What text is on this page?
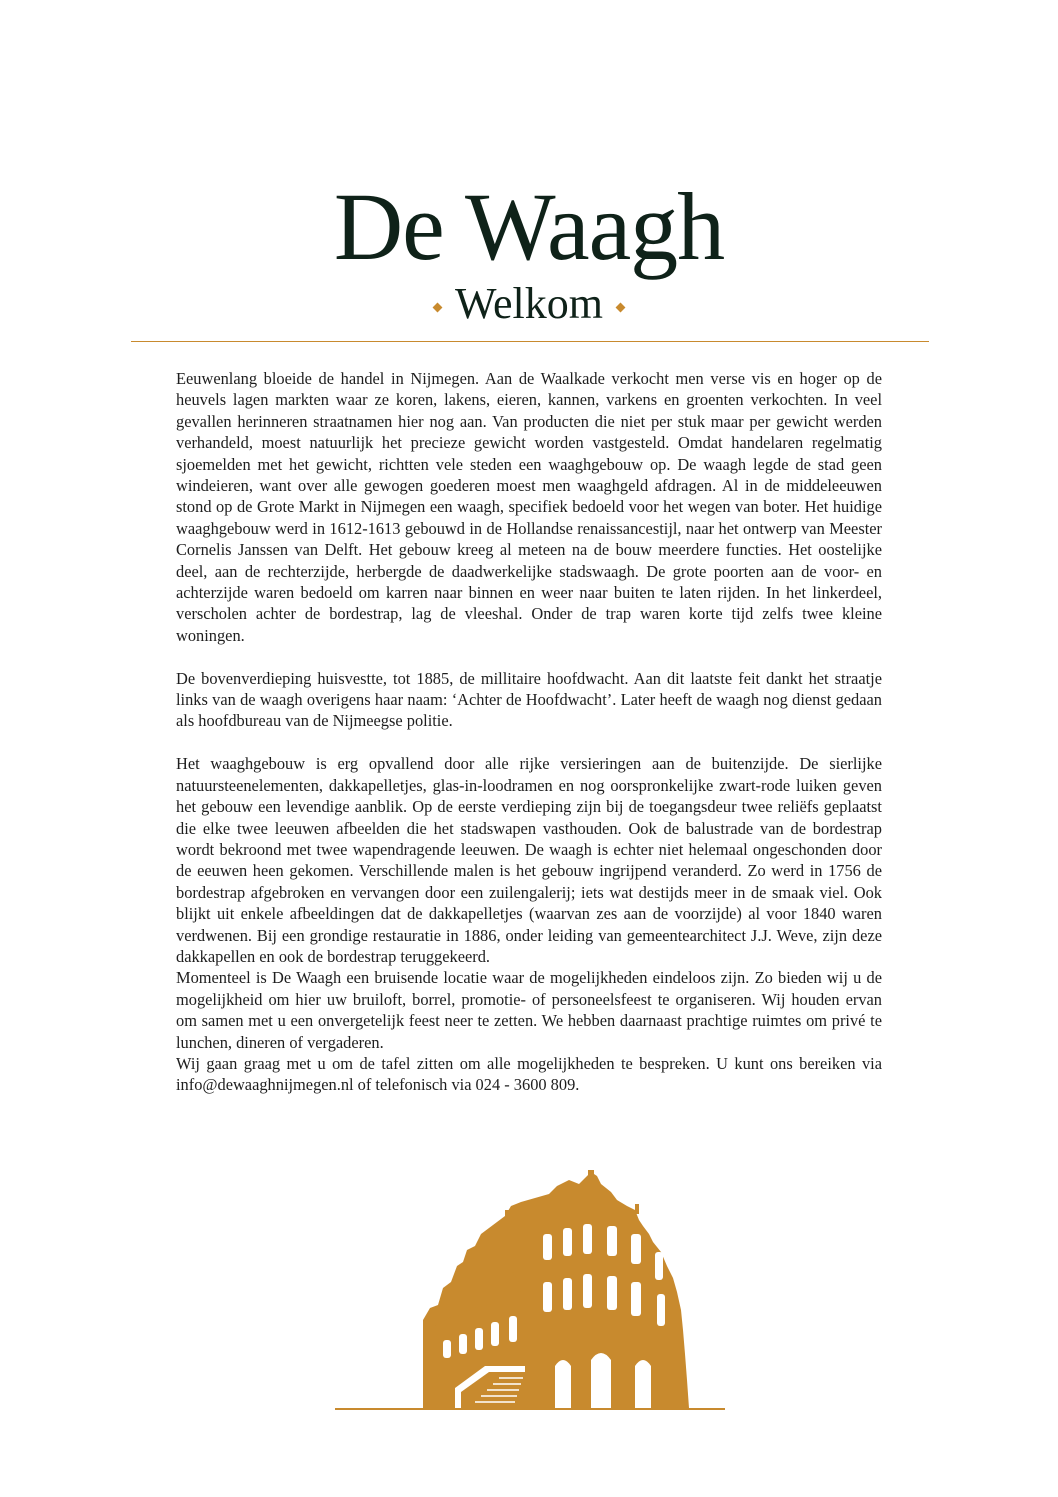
De Waagh
Welkom

Eeuwenlang bloeide de handel in Nijmegen. Aan de Waalkade verkocht men verse vis en hoger op de heuvels lagen markten waar ze koren, lakens, eieren, kannen, varkens en groenten verkochten. In veel gevallen herinneren straatnamen hier nog aan. Van producten die niet per stuk maar per gewicht werden verhandeld, moest natuurlijk het precieze gewicht worden vastgesteld. Omdat handelaren regelmatig sjoemelden met het gewicht, richtten vele steden een waaghgebouw op. De waagh legde de stad geen windeieren, want over alle gewogen goederen moest men waaghgeld afdragen. Al in de middeleeuwen stond op de Grote Markt in Nijmegen een waagh, specifiek bedoeld voor het wegen van boter. Het huidige waaghgebouw werd in 1612-1613 gebouwd in de Hollandse renaissancestijl, naar het ontwerp van Meester Cornelis Janssen van Delft. Het gebouw kreeg al meteen na de bouw meerdere functies. Het oostelijke deel, aan de rechterzijde, herbergde de daadwerkelijke stadswaagh. De grote poorten aan de voor- en achterzijde waren bedoeld om karren naar binnen en weer naar buiten te laten rijden. In het linkerdeel, verscholen achter de bordestrap, lag de vleeshal. Onder de trap waren korte tijd zelfs twee kleine woningen.

De bovenverdieping huisvestte, tot 1885, de millitaire hoofdwacht. Aan dit laatste feit dankt het straatje links van de waagh overigens haar naam: ‘Achter de Hoofdwacht’. Later heeft de waagh nog dienst gedaan als hoofdbureau van de Nijmeegse politie.

Het waaghgebouw is erg opvallend door alle rijke versieringen aan de buitenzijde. De sierlijke natuursteenelementen, dakkapelletjes, glas-in-loodramen en nog oorspronkelijke zwart-rode luiken geven het gebouw een levendige aanblik. Op de eerste verdieping zijn bij de toegangsdeur twee reliëfs geplaatst die elke twee leeuwen afbeelden die het stadswapen vasthouden. Ook de balustrade van de bordestrap wordt bekroond met twee wapendragende leeuwen. De waagh is echter niet helemaal ongeschonden door de eeuwen heen gekomen. Verschillende malen is het gebouw ingrijpend veranderd. Zo werd in 1756 de bordestrap afgebroken en vervangen door een zuilengalerij; iets wat destijds meer in de smaak viel. Ook blijkt uit enkele afbeeldingen dat de dakkapelletjes (waarvan zes aan de voorzijde) al voor 1840 waren verdwenen. Bij een grondige restauratie in 1886, onder leiding van gemeentearchitect J.J. Weve, zijn deze dakkapellen en ook de bordestrap teruggekeerd.

Momenteel is De Waagh een bruisende locatie waar de mogelijkheden eindeloos zijn. Zo bieden wij u de mogelijkheid om hier uw bruiloft, borrel, promotie- of personeelsfeest te organiseren. Wij houden ervan om samen met u een onvergetelijk feest neer te zetten. We hebben daarnaast prachtige ruimtes om privé te lunchen, dineren of vergaderen.

Wij gaan graag met u om de tafel zitten om alle mogelijkheden te bespreken. U kunt ons bereiken via info@dewaaghnijmegen.nl of telefonisch via 024 - 3600 809.
